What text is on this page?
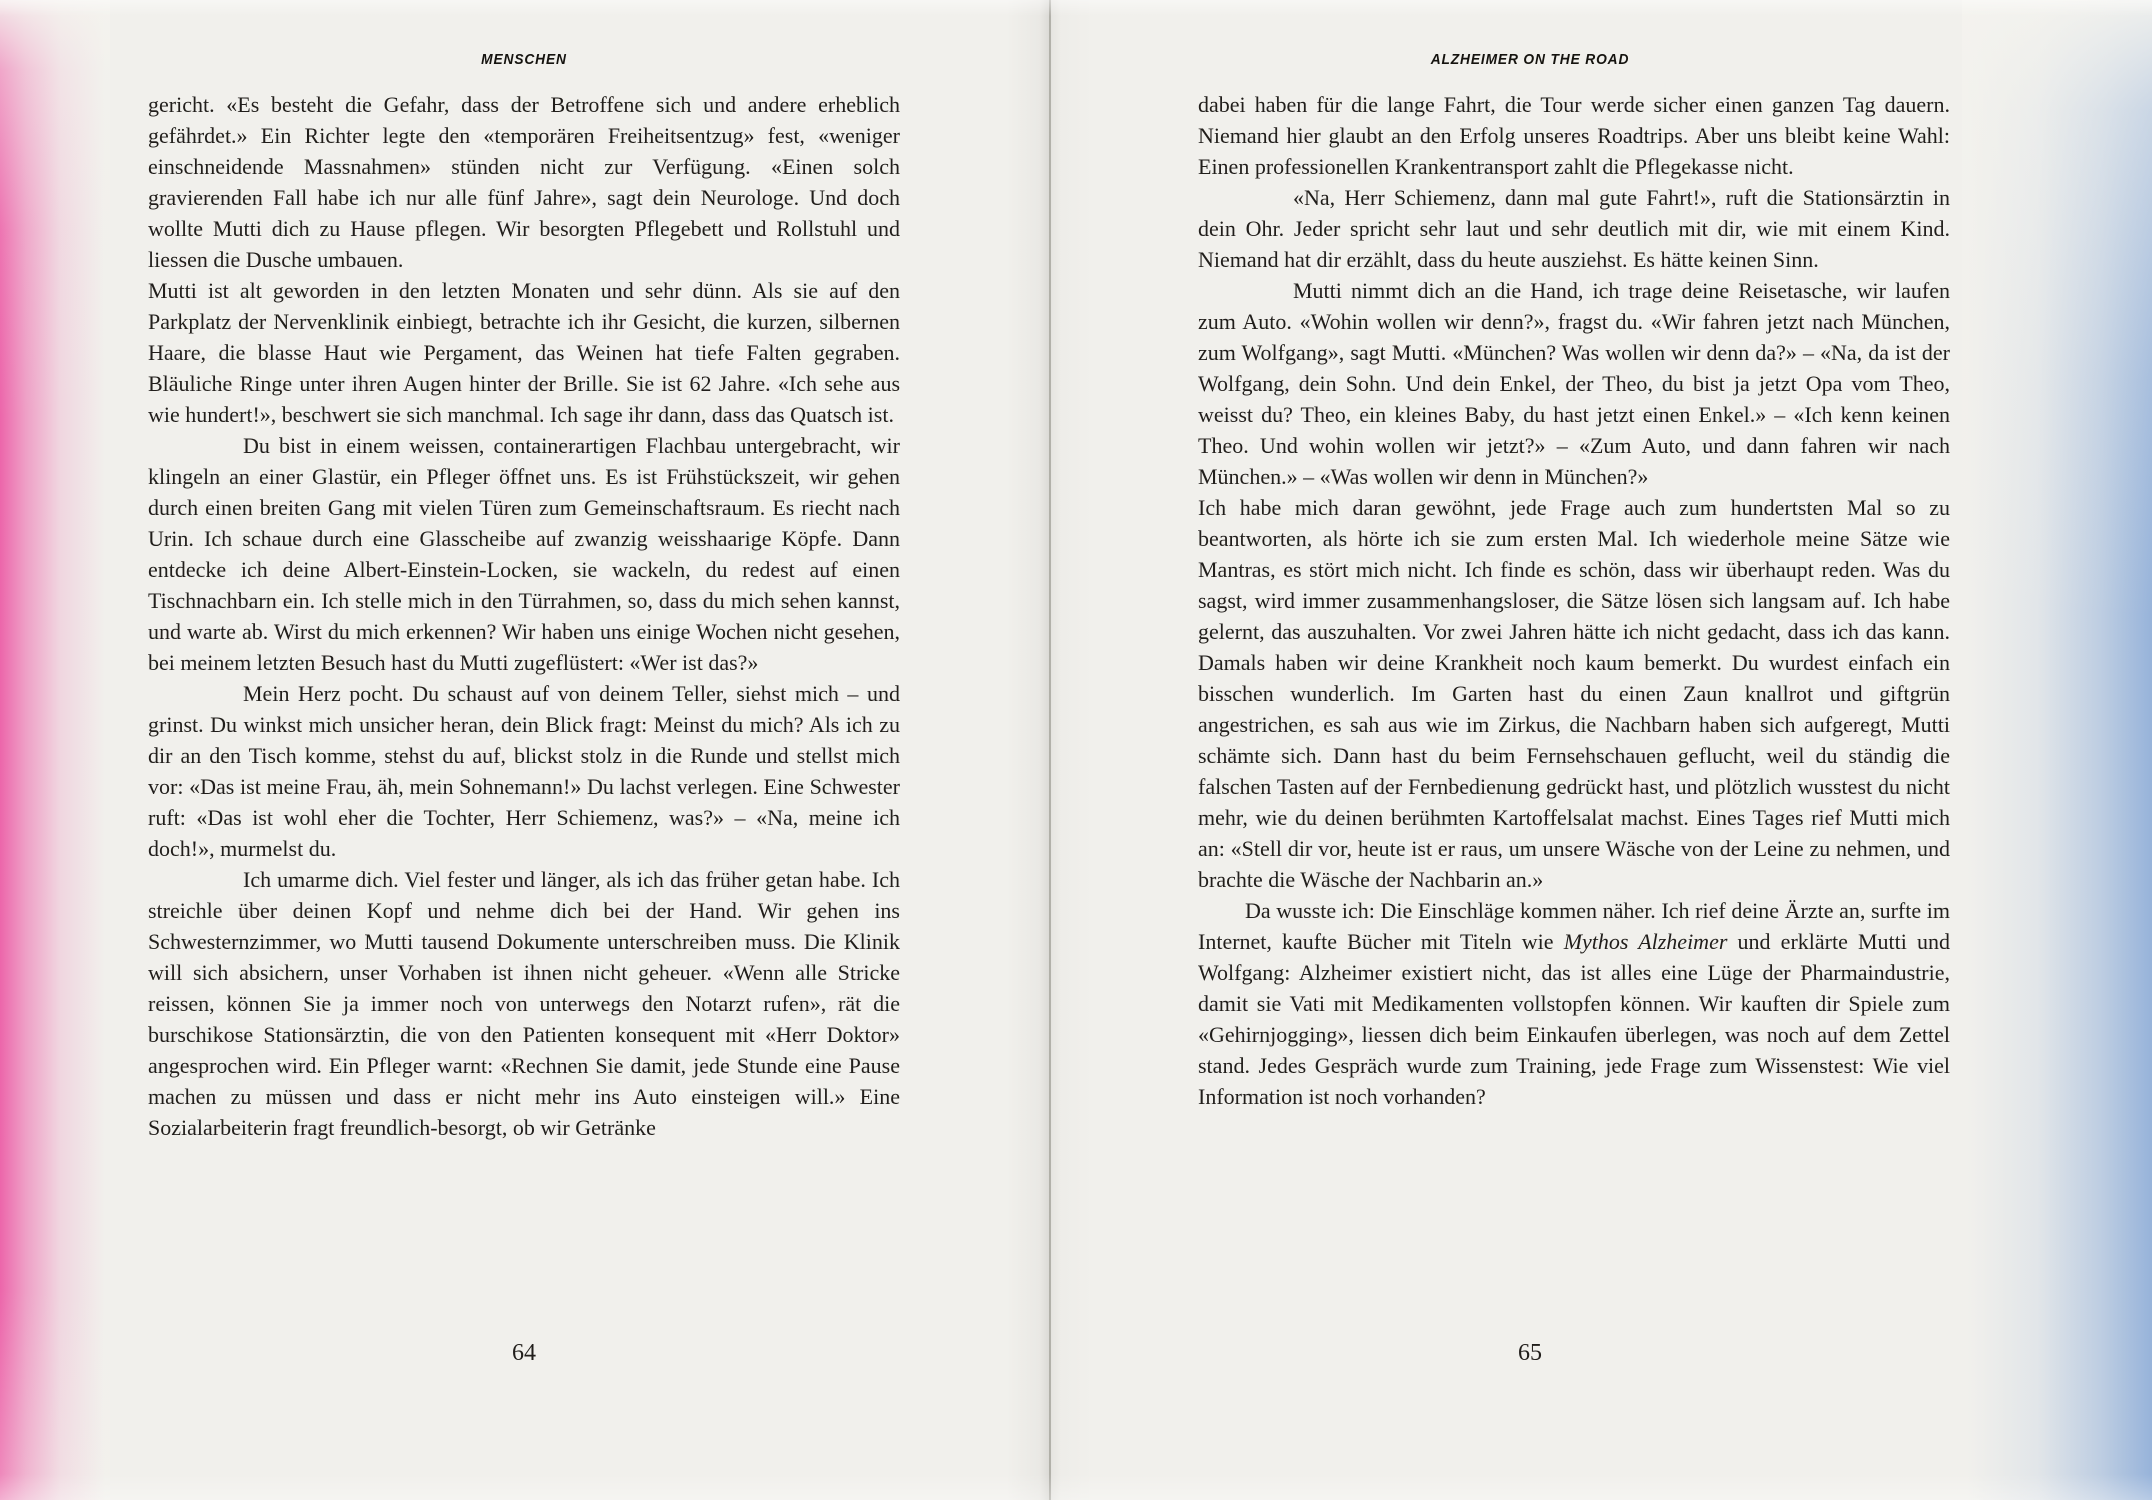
MENSCHEN

gericht. «Es besteht die Gefahr, dass der Betroffene sich und andere erheblich gefährdet.» Ein Richter legte den «temporären Freiheitsentzug» fest, «weniger einschneidende Massnahmen» stünden nicht zur Verfügung. «Einen solch gravierenden Fall habe ich nur alle fünf Jahre», sagt dein Neurologe. Und doch wollte Mutti dich zu Hause pflegen. Wir besorgten Pflegebett und Rollstuhl und liessen die Dusche umbauen.

Mutti ist alt geworden in den letzten Monaten und sehr dünn. Als sie auf den Parkplatz der Nervenklinik einbiegt, betrachte ich ihr Gesicht, die kurzen, silbernen Haare, die blasse Haut wie Pergament, das Weinen hat tiefe Falten gegraben. Bläuliche Ringe unter ihren Augen hinter der Brille. Sie ist 62 Jahre. «Ich sehe aus wie hundert!», beschwert sie sich manchmal. Ich sage ihr dann, dass das Quatsch ist.

Du bist in einem weissen, containerartigen Flachbau untergebracht, wir klingeln an einer Glastür, ein Pfleger öffnet uns. Es ist Frühstückszeit, wir gehen durch einen breiten Gang mit vielen Türen zum Gemeinschaftsraum. Es riecht nach Urin. Ich schaue durch eine Glasscheibe auf zwanzig weisshaarige Köpfe. Dann entdecke ich deine Albert-Einstein-Locken, sie wackeln, du redest auf einen Tischnachbarn ein. Ich stelle mich in den Türrahmen, so, dass du mich sehen kannst, und warte ab. Wirst du mich erkennen? Wir haben uns einige Wochen nicht gesehen, bei meinem letzten Besuch hast du Mutti zugeflüstert: «Wer ist das?»

Mein Herz pocht. Du schaust auf von deinem Teller, siehst mich – und grinst. Du winkst mich unsicher heran, dein Blick fragt: Meinst du mich? Als ich zu dir an den Tisch komme, stehst du auf, blickst stolz in die Runde und stellst mich vor: «Das ist meine Frau, äh, mein Sohnemann!» Du lachst verlegen. Eine Schwester ruft: «Das ist wohl eher die Tochter, Herr Schiemenz, was?» – «Na, meine ich doch!», murmelst du.

Ich umarme dich. Viel fester und länger, als ich das früher getan habe. Ich streichle über deinen Kopf und nehme dich bei der Hand. Wir gehen ins Schwesternzimmer, wo Mutti tausend Dokumente unterschreiben muss. Die Klinik will sich absichern, unser Vorhaben ist ihnen nicht geheuer. «Wenn alle Stricke reissen, können Sie ja immer noch von unterwegs den Notarzt rufen», rät die burschikose Stationsärztin, die von den Patienten konsequent mit «Herr Doktor» angesprochen wird. Ein Pfleger warnt: «Rechnen Sie damit, jede Stunde eine Pause machen zu müssen und dass er nicht mehr ins Auto einsteigen will.» Eine Sozialarbeiterin fragt freundlich-besorgt, ob wir Getränke

64
ALZHEIMER ON THE ROAD

dabei haben für die lange Fahrt, die Tour werde sicher einen ganzen Tag dauern. Niemand hier glaubt an den Erfolg unseres Roadtrips. Aber uns bleibt keine Wahl: Einen professionellen Krankentransport zahlt die Pflegekasse nicht.

«Na, Herr Schiemenz, dann mal gute Fahrt!», ruft die Stationsärztin in dein Ohr. Jeder spricht sehr laut und sehr deutlich mit dir, wie mit einem Kind. Niemand hat dir erzählt, dass du heute ausziehst. Es hätte keinen Sinn.

Mutti nimmt dich an die Hand, ich trage deine Reisetasche, wir laufen zum Auto. «Wohin wollen wir denn?», fragst du. «Wir fahren jetzt nach München, zum Wolfgang», sagt Mutti. «München? Was wollen wir denn da?» – «Na, da ist der Wolfgang, dein Sohn. Und dein Enkel, der Theo, du bist ja jetzt Opa vom Theo, weisst du? Theo, ein kleines Baby, du hast jetzt einen Enkel.» – «Ich kenn keinen Theo. Und wohin wollen wir jetzt?» – «Zum Auto, und dann fahren wir nach München.» – «Was wollen wir denn in München?»

Ich habe mich daran gewöhnt, jede Frage auch zum hundertsten Mal so zu beantworten, als hörte ich sie zum ersten Mal. Ich wiederhole meine Sätze wie Mantras, es stört mich nicht. Ich finde es schön, dass wir überhaupt reden. Was du sagst, wird immer zusammenhangsloser, die Sätze lösen sich langsam auf. Ich habe gelernt, das auszuhalten. Vor zwei Jahren hätte ich nicht gedacht, dass ich das kann. Damals haben wir deine Krankheit noch kaum bemerkt. Du wurdest einfach ein bisschen wunderlich. Im Garten hast du einen Zaun knallrot und giftgrün angestrichen, es sah aus wie im Zirkus, die Nachbarn haben sich aufgeregt, Mutti schämte sich. Dann hast du beim Fernsehschauen geflucht, weil du ständig die falschen Tasten auf der Fernbedienung gedrückt hast, und plötzlich wusstest du nicht mehr, wie du deinen berühmten Kartoffelsalat machst. Eines Tages rief Mutti mich an: «Stell dir vor, heute ist er raus, um unsere Wäsche von der Leine zu nehmen, und brachte die Wäsche der Nachbarin an.»

Da wusste ich: Die Einschläge kommen näher. Ich rief deine Ärzte an, surfte im Internet, kaufte Bücher mit Titeln wie Mythos Alzheimer und erklärte Mutti und Wolfgang: Alzheimer existiert nicht, das ist alles eine Lüge der Pharmaindustrie, damit sie Vati mit Medikamenten vollstopfen können. Wir kauften dir Spiele zum «Gehirnjogging», liessen dich beim Einkaufen überlegen, was noch auf dem Zettel stand. Jedes Gespräch wurde zum Training, jede Frage zum Wissenstest: Wie viel Information ist noch vorhanden?

65
